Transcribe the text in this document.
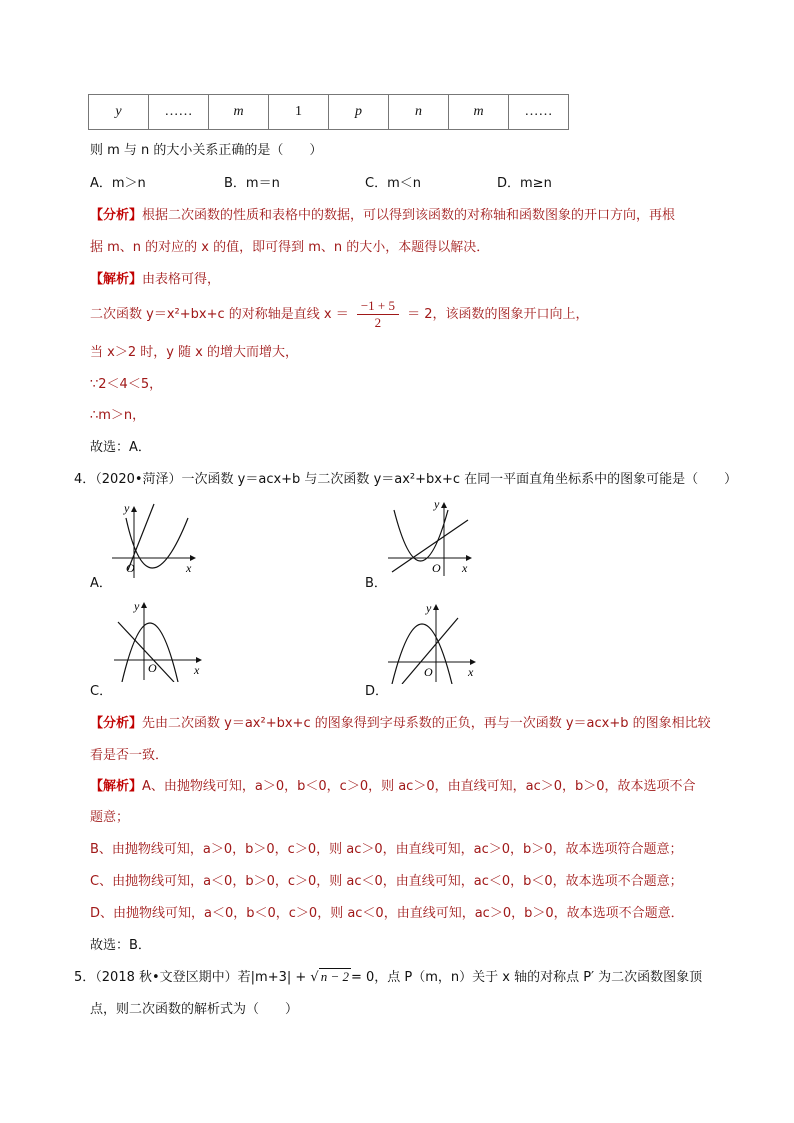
y	……	m	1	p	n	m	……
则 m 与 n 的大小关系正确的是（　　）
A．m＞n	B．m＝n	C．m＜n	D．m≥n
【分析】根据二次函数的性质和表格中的数据，可以得到该函数的对称轴和函数图象的开口方向，再根
据 m、n 的对应的 x 的值，即可得到 m、n 的大小，本题得以解决．
【解析】由表格可得，
二次函数 y＝x²+bx+c 的对称轴是直线 $x = \frac{-1 + 5}{2} = 2$，该函数的图象开口向上，
当 x＞2 时，y 随 x 的增大而增大，
∵2＜4＜5，
∴m＞n，
故选：A．
4．（2020•菏泽）一次函数 y＝acx+b 与二次函数 y＝ax²+bx+c 在同一平面直角坐标系中的图象可能是（　　）
y
x
O
A．
y
x
O
B．
y
x
O
C．
y
x
O
D．
【分析】先由二次函数 y＝ax²+bx+c 的图象得到字母系数的正负，再与一次函数 y＝acx+b 的图象相比较
看是否一致．
【解析】A、由抛物线可知，a＞0，b＜0，c＞0，则 ac＞0，由直线可知，ac＞0，b＞0，故本选项不合
题意；
B、由抛物线可知，a＞0，b＞0，c＞0，则 ac＞0，由直线可知，ac＞0，b＞0，故本选项符合题意；
C、由抛物线可知，a＜0，b＞0，c＞0，则 ac＜0，由直线可知，ac＜0，b＜0，故本选项不合题意；
D、由抛物线可知，a＜0，b＜0，c＞0，则 ac＜0，由直线可知，ac＞0，b＞0，故本选项不合题意．
故选：B．
5．（2018 秋•文登区期中）若|m+3| + √ n − 2 = 0，点 P（m，n）关于 x 轴的对称点 P′ 为二次函数图象顶
点，则二次函数的解析式为（　　）
